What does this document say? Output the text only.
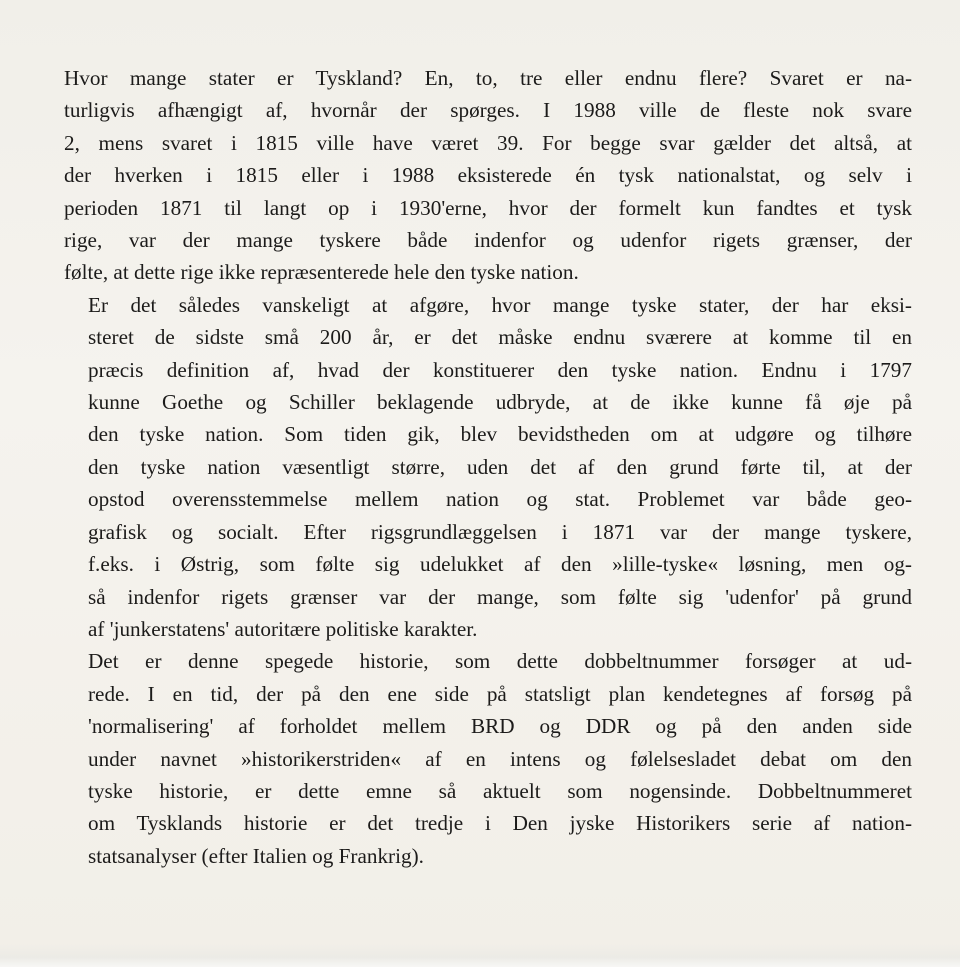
Hvor mange stater er Tyskland? En, to, tre eller endnu flere? Svaret er na-
turligvis afhængigt af, hvornår der spørges. I 1988 ville de fleste nok svare
2, mens svaret i 1815 ville have været 39. For begge svar gælder det altså, at
der hverken i 1815 eller i 1988 eksisterede én tysk nationalstat, og selv i
perioden 1871 til langt op i 1930'erne, hvor der formelt kun fandtes et tysk
rige, var der mange tyskere både indenfor og udenfor rigets grænser, der
følte, at dette rige ikke repræsenterede hele den tyske nation.

Er det således vanskeligt at afgøre, hvor mange tyske stater, der har eksi-
steret de sidste små 200 år, er det måske endnu sværere at komme til en
præcis definition af, hvad der konstituerer den tyske nation. Endnu i 1797
kunne Goethe og Schiller beklagende udbryde, at de ikke kunne få øje på
den tyske nation. Som tiden gik, blev bevidstheden om at udgøre og tilhøre
den tyske nation væsentligt større, uden det af den grund førte til, at der
opstod overensstemmelse mellem nation og stat. Problemet var både geo-
grafisk og socialt. Efter rigsgrundlæggelsen i 1871 var der mange tyskere,
f.eks. i Østrig, som følte sig udelukket af den »lille-tyske« løsning, men og-
så indenfor rigets grænser var der mange, som følte sig 'udenfor' på grund
af 'junkerstatens' autoritære politiske karakter.

Det er denne spegede historie, som dette dobbeltnummer forsøger at ud-
rede. I en tid, der på den ene side på statsligt plan kendetegnes af forsøg på
'normalisering' af forholdet mellem BRD og DDR og på den anden side
under navnet »historikerstriden« af en intens og følelsesladet debat om den
tyske historie, er dette emne så aktuelt som nogensinde. Dobbeltnummeret
om Tysklands historie er det tredje i Den jyske Historikers serie af nation-
statsanalyser (efter Italien og Frankrig).
